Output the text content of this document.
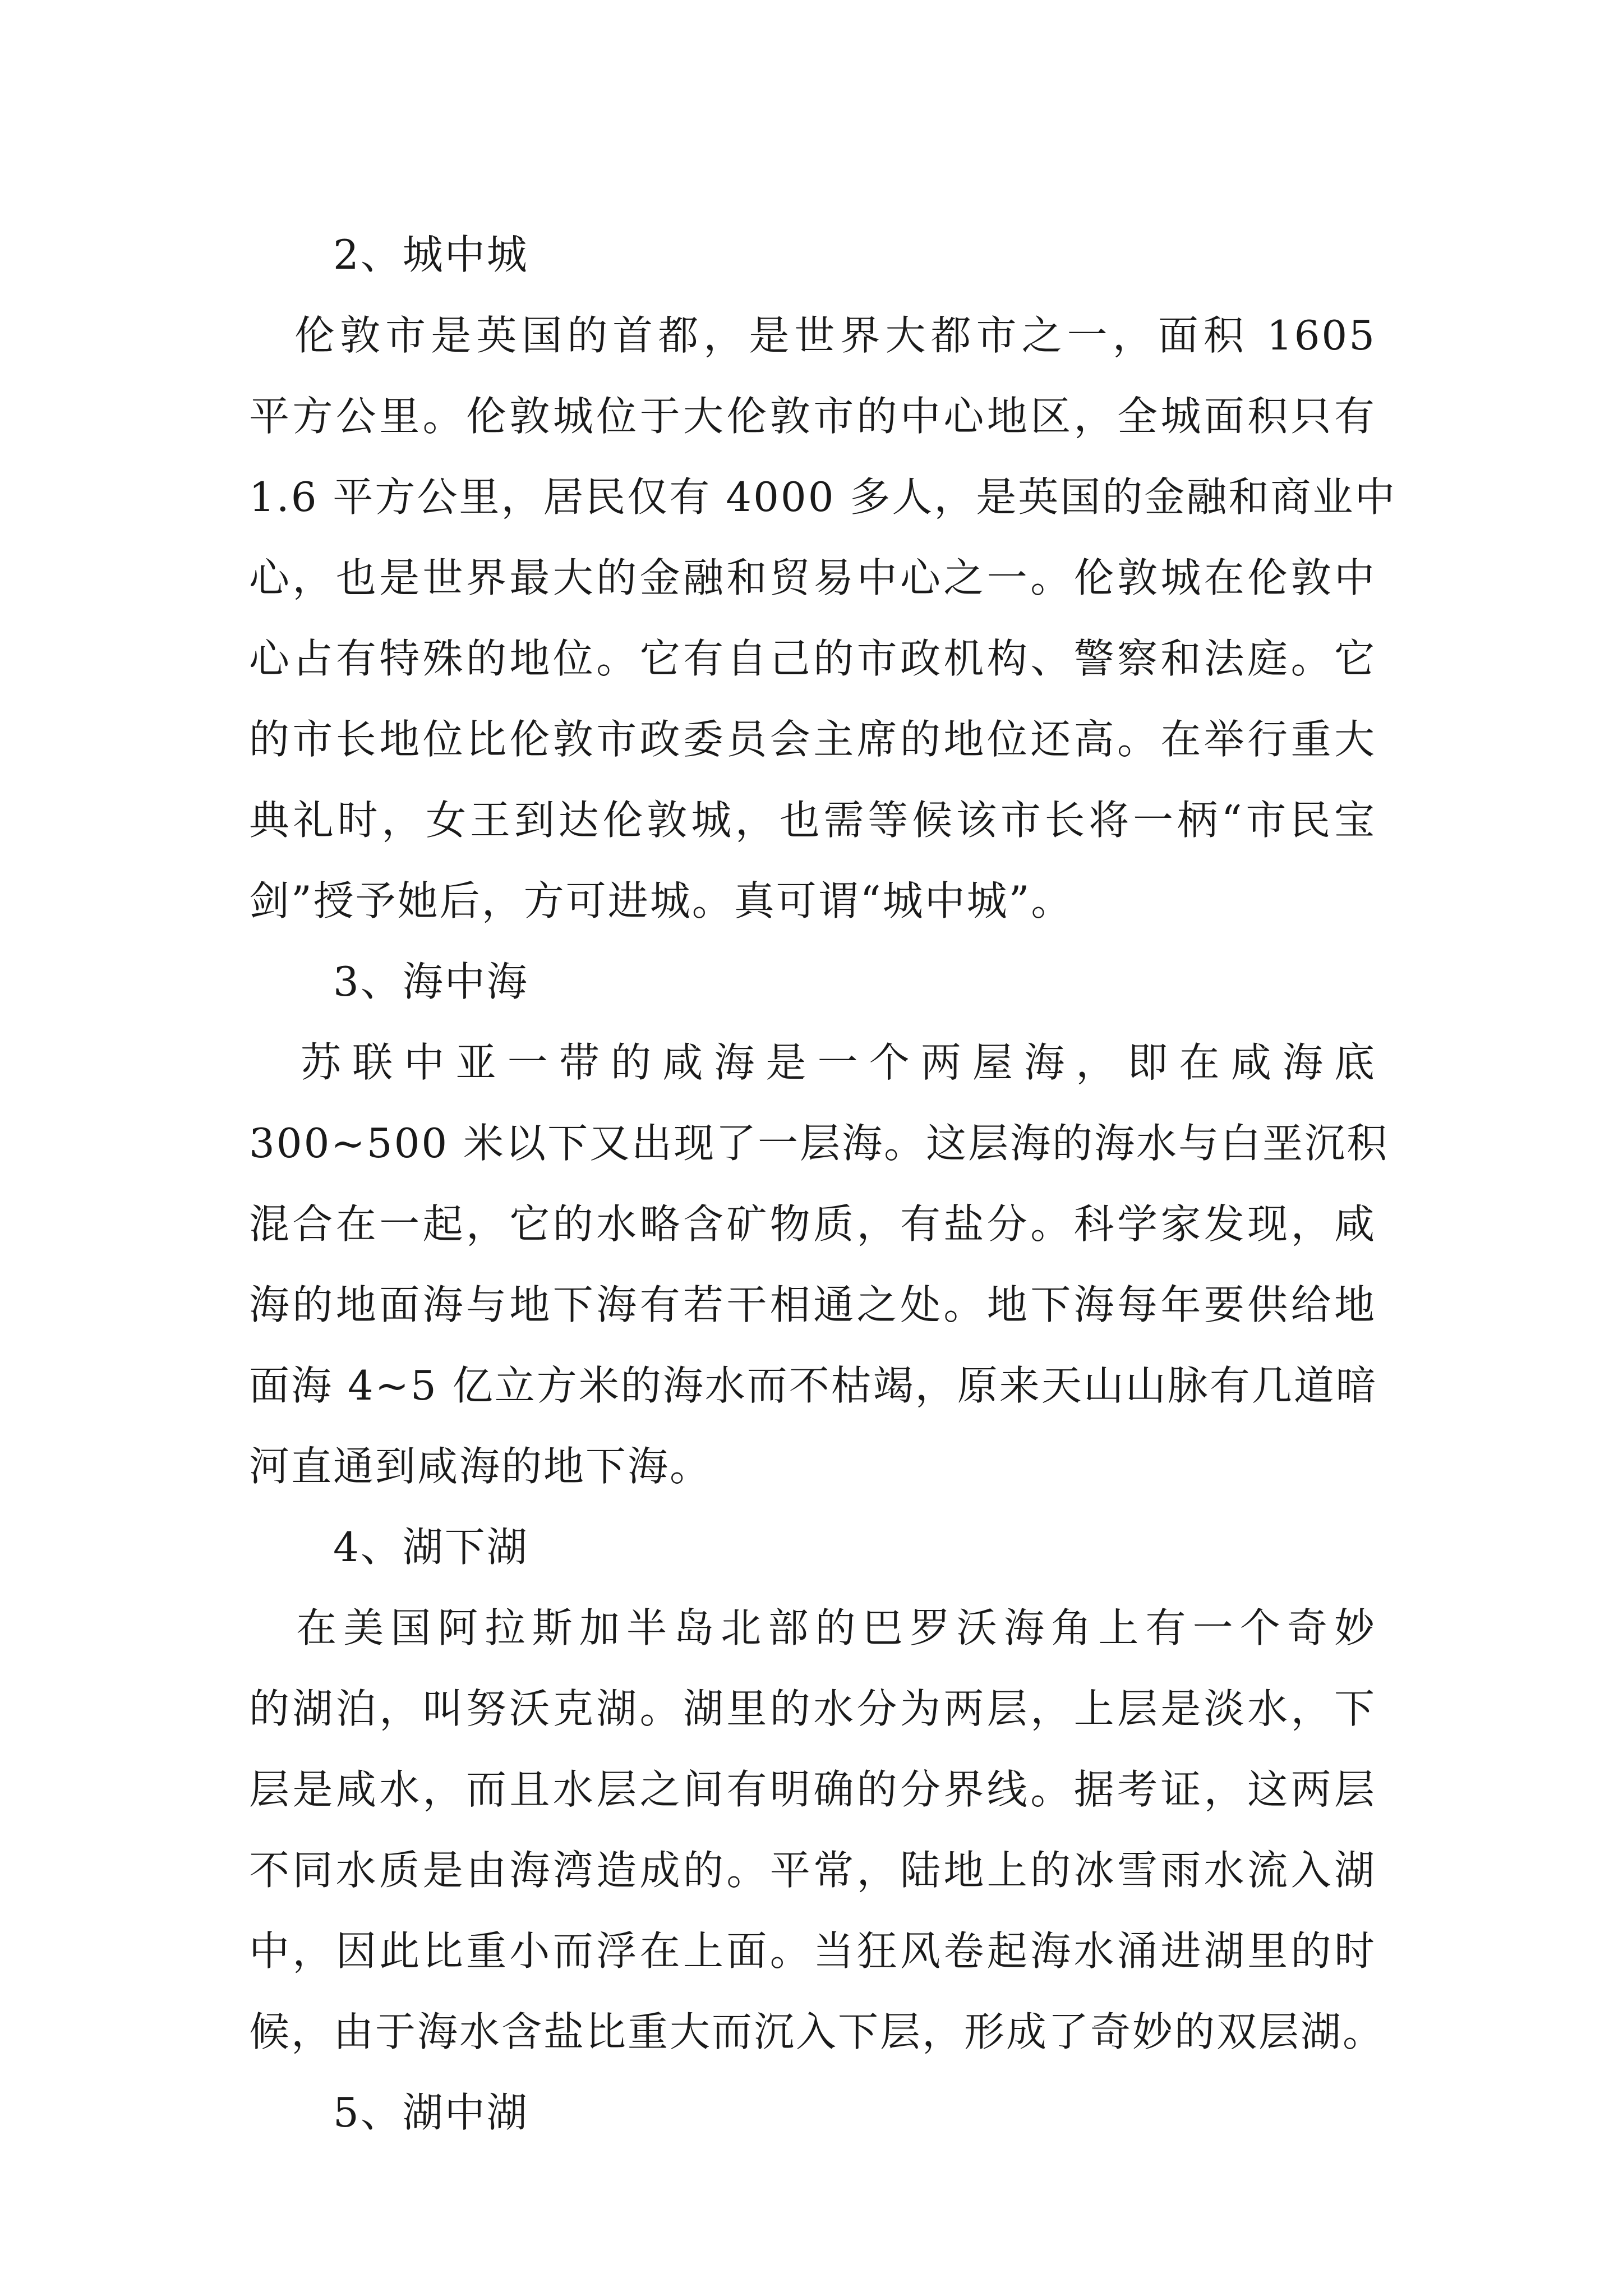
2、城中城
　伦敦市是英国的首都，是世界大都市之一，面积 1605
平方公里。伦敦城位于大伦敦市的中心地区，全城面积只有
1.6 平方公里，居民仅有 4000 多人，是英国的金融和商业中
心，也是世界最大的金融和贸易中心之一。伦敦城在伦敦中
心占有特殊的地位。它有自己的市政机构、警察和法庭。它
的市长地位比伦敦市政委员会主席的地位还高。在举行重大
典礼时，女王到达伦敦城，也需等候该市长将一柄“市民宝
剑”授予她后，方可进城。真可谓“城中城”。
3、海中海
　苏联中亚一带的咸海是一个两屋海，即在咸海底
300~500 米以下又出现了一层海。这层海的海水与白垩沉积
混合在一起，它的水略含矿物质，有盐分。科学家发现，咸
海的地面海与地下海有若干相通之处。地下海每年要供给地
面海 4~5 亿立方米的海水而不枯竭，原来天山山脉有几道暗
河直通到咸海的地下海。
4、湖下湖
　在美国阿拉斯加半岛北部的巴罗沃海角上有一个奇妙
的湖泊，叫努沃克湖。湖里的水分为两层，上层是淡水，下
层是咸水，而且水层之间有明确的分界线。据考证，这两层
不同水质是由海湾造成的。平常，陆地上的冰雪雨水流入湖
中，因此比重小而浮在上面。当狂风卷起海水涌进湖里的时
候，由于海水含盐比重大而沉入下层，形成了奇妙的双层湖。
5、湖中湖
